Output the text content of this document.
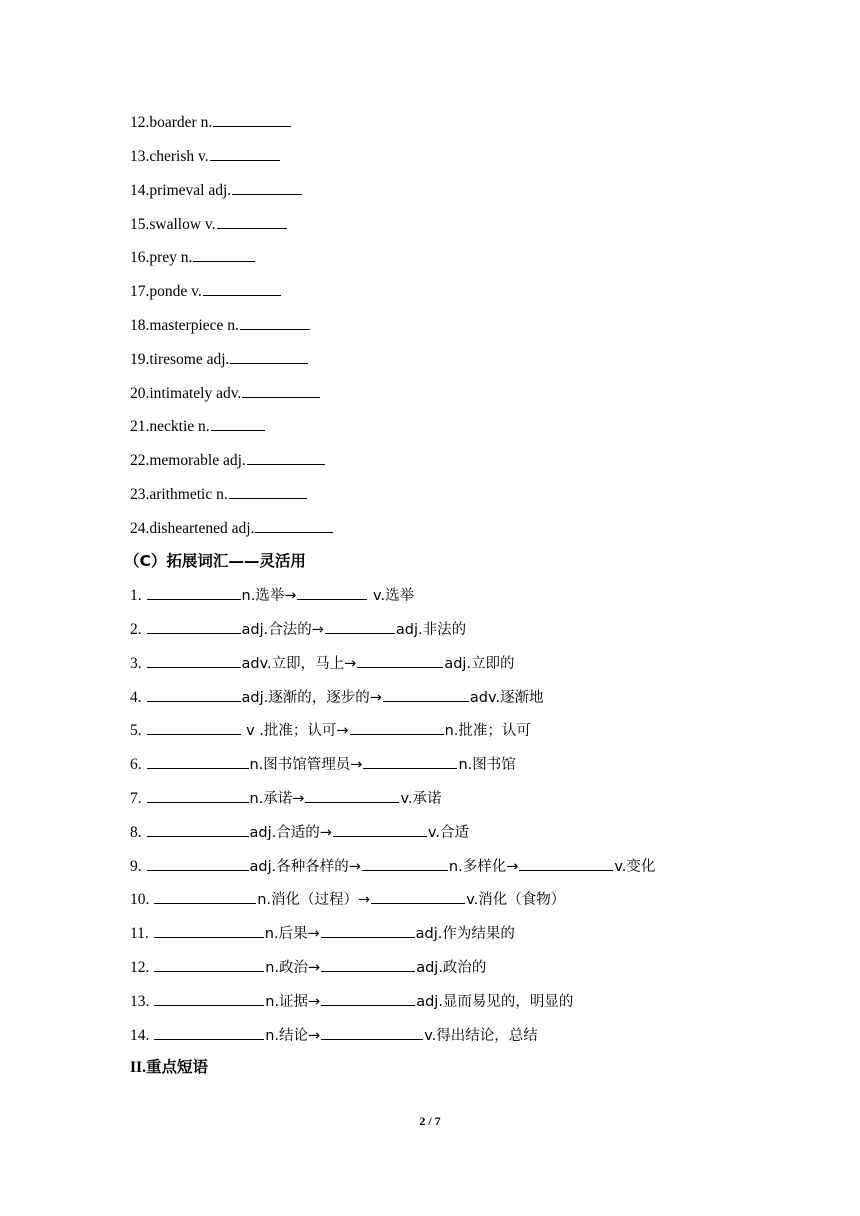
12.boarder n.
13.cherish v.
14.primeval adj.
15.swallow v.
16.prey n.
17.ponde v.
18.masterpiece n.
19.tiresome adj.
20.intimately adv.
21.necktie n.
22.memorable adj.
23.arithmetic n.
24.disheartened adj.
（C）拓展词汇——灵活用
1.	n.选举→	v.选举
2.	adj.合法的→	adj.非法的
3.	adv.立即，马上→	adj.立即的
4.	adj.逐渐的，逐步的→	adv.逐渐地
5.	v .批准；认可→	n.批准；认可
6.	n.图书馆管理员→	n.图书馆
7.	n.承诺→	v.承诺
8.	adj.合适的→	v.合适
9.	adj.各种各样的→	n.多样化→	v.变化
10.	n.消化（过程）→	v.消化（食物）
11.	n.后果→	adj.作为结果的
12.	n.政治→	adj.政治的
13.	n.证据→	adj.显而易见的，明显的
14.	n.结论→	v.得出结论，总结
II.重点短语
2 / 7
